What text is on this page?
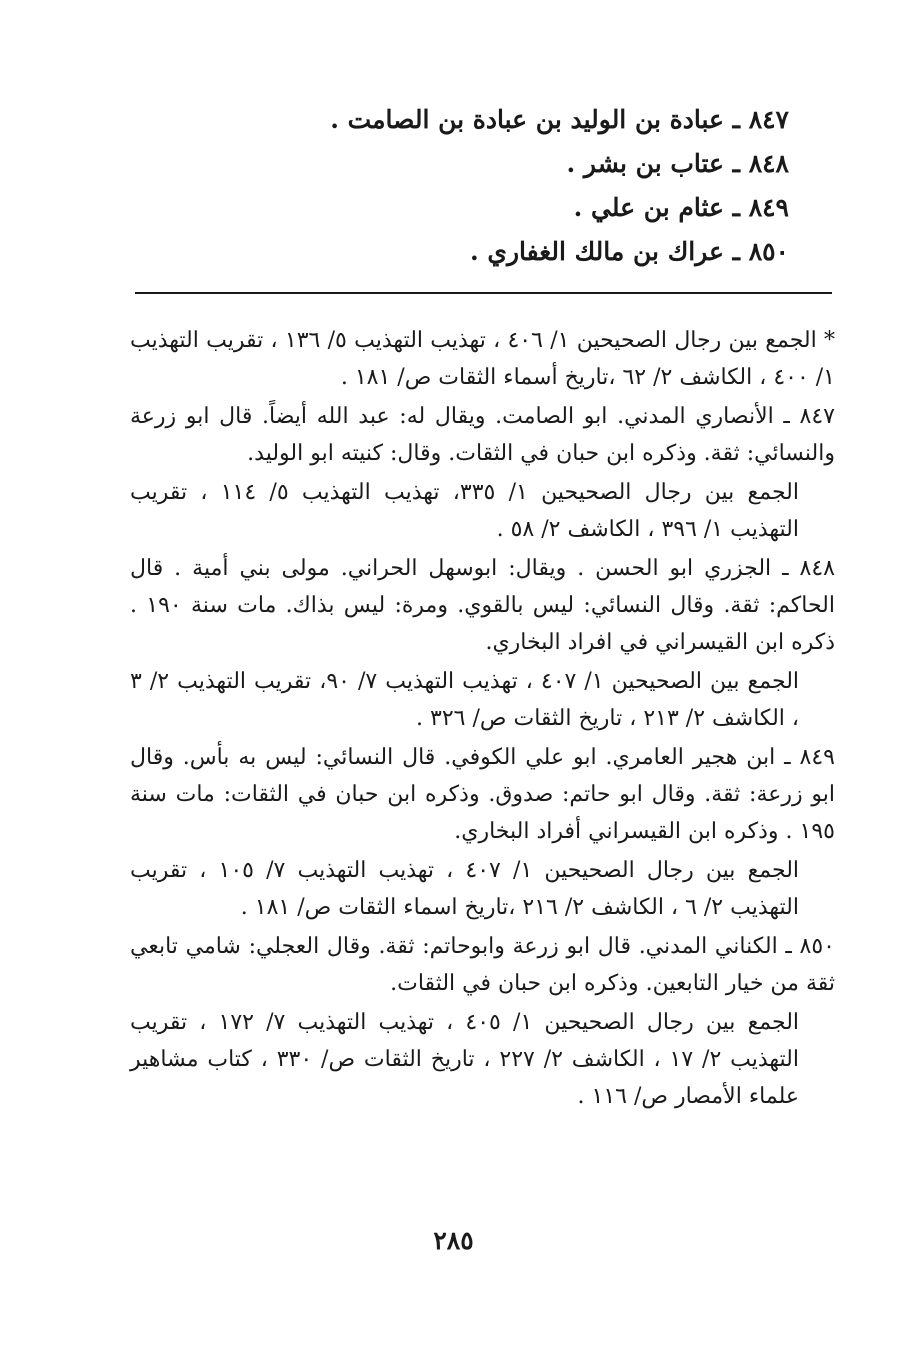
٨٤٧ ـ عبادة بن الوليد بن عبادة بن الصامت .
٨٤٨ ـ عتاب بن بشر .
٨٤٩ ـ عثام بن علي .
٨٥٠ ـ عراك بن مالك الغفاري .

* الجمع بين رجال الصحيحين ١/ ٤٠٦ ، تهذيب التهذيب ٥/ ١٣٦ ، تقريب التهذيب ١/ ٤٠٠ ، الكاشف ٢/ ٦٢ ،تاريخ أسماء الثقات ص/ ١٨١ .

٨٤٧ ـ الأنصاري المدني. ابو الصامت. ويقال له: عبد الله أيضاً. قال ابو زرعة والنسائي: ثقة. وذكره ابن حبان في الثقات. وقال: كنيته ابو الوليد.

الجمع بين رجال الصحيحين ١/ ٣٣٥، تهذيب التهذيب ٥/ ١١٤ ، تقريب التهذيب ١/ ٣٩٦ ، الكاشف ٢/ ٥٨ .

٨٤٨ ـ الجزري ابو الحسن . ويقال: ابوسهل الحراني. مولى بني أمية . قال الحاكم: ثقة. وقال النسائي: ليس بالقوي. ومرة: ليس بذاك. مات سنة ١٩٠ . ذكره ابن القيسراني في افراد البخاري.

الجمع بين الصحيحين ١/ ٤٠٧ ، تهذيب التهذيب ٧/ ٩٠، تقريب التهذيب ٢/ ٣ ، الكاشف ٢/ ٢١٣ ، تاريخ الثقات ص/ ٣٢٦ .

٨٤٩ ـ ابن هجير العامري. ابو علي الكوفي. قال النسائي: ليس به بأس. وقال ابو زرعة: ثقة. وقال ابو حاتم: صدوق. وذكره ابن حبان في الثقات: مات سنة ١٩٥ . وذكره ابن القيسراني أفراد البخاري.

الجمع بين رجال الصحيحين ١/ ٤٠٧ ، تهذيب التهذيب ٧/ ١٠٥ ، تقريب التهذيب ٢/ ٦ ، الكاشف ٢/ ٢١٦ ،تاريخ اسماء الثقات ص/ ١٨١ .

٨٥٠ ـ الكناني المدني. قال ابو زرعة وابوحاتم: ثقة. وقال العجلي: شامي تابعي ثقة من خيار التابعين. وذكره ابن حبان في الثقات.

الجمع بين رجال الصحيحين ١/ ٤٠٥ ، تهذيب التهذيب ٧/ ١٧٢ ، تقريب التهذيب ٢/ ١٧ ، الكاشف ٢/ ٢٢٧ ، تاريخ الثقات ص/ ٣٣٠ ، كتاب مشاهير علماء الأمصار ص/ ١١٦ .

٢٨٥
